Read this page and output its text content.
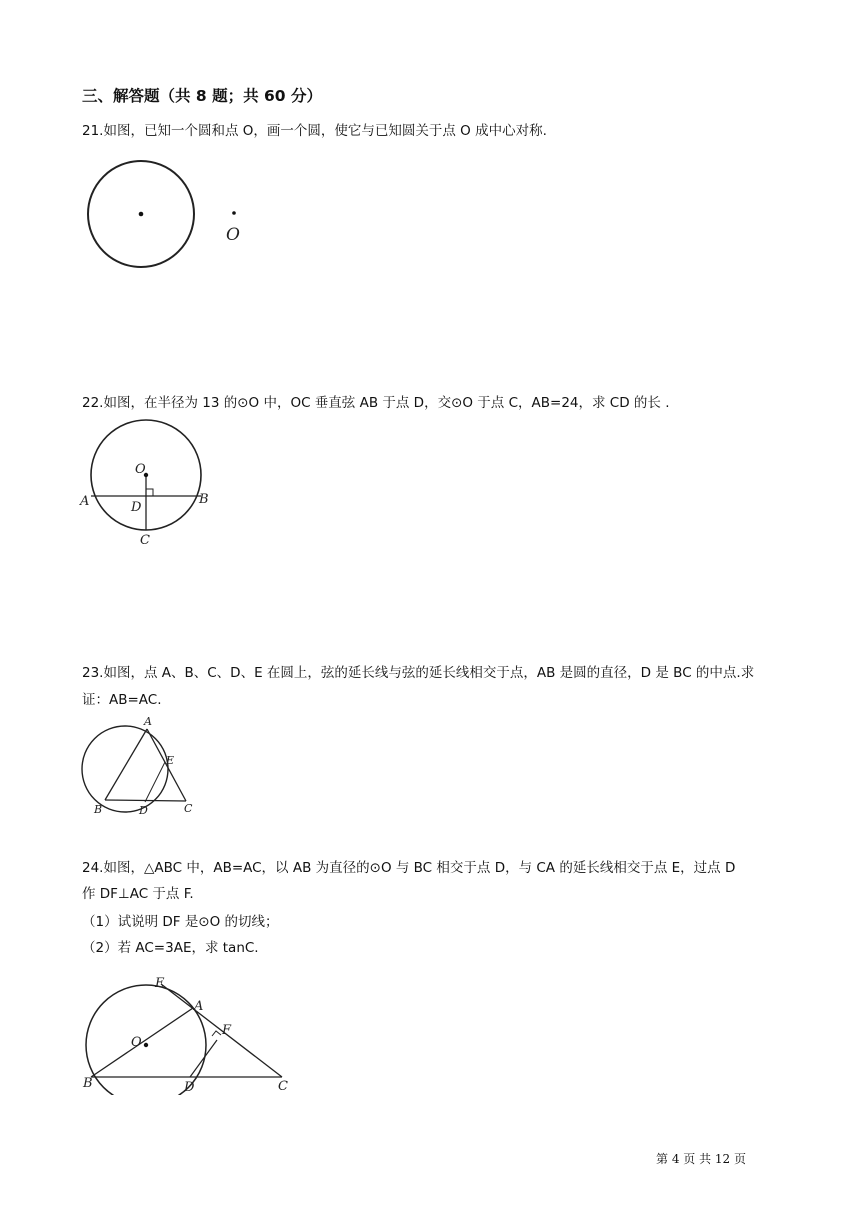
三、解答题（共 8 题；共 60 分）
21.如图，已知一个圆和点 O，画一个圆，使它与已知圆关于点 O 成中心对称.
O
22.如图，在半径为 13 的⊙O 中，OC 垂直弦 AB 于点 D，交⊙O 于点 C，AB=24，求 CD 的长 .
O
A	B
D
C
23.如图，点 A、B、C、D、E 在圆上，弦的延长线与弦的延长线相交于点，AB 是圆的直径，D 是 BC 的中点.求
证：AB=AC.
A
E
B	D	C
24.如图，△ABC 中，AB=AC，以 AB 为直径的⊙O 与 BC 相交于点 D，与 CA 的延长线相交于点 E，过点 D
作 DF⊥AC 于点 F.
（1）试说明 DF 是⊙O 的切线；
（2）若 AC=3AE，求 tanC.
E
A
F
O
B	D	C
第 4 页 共 12 页
